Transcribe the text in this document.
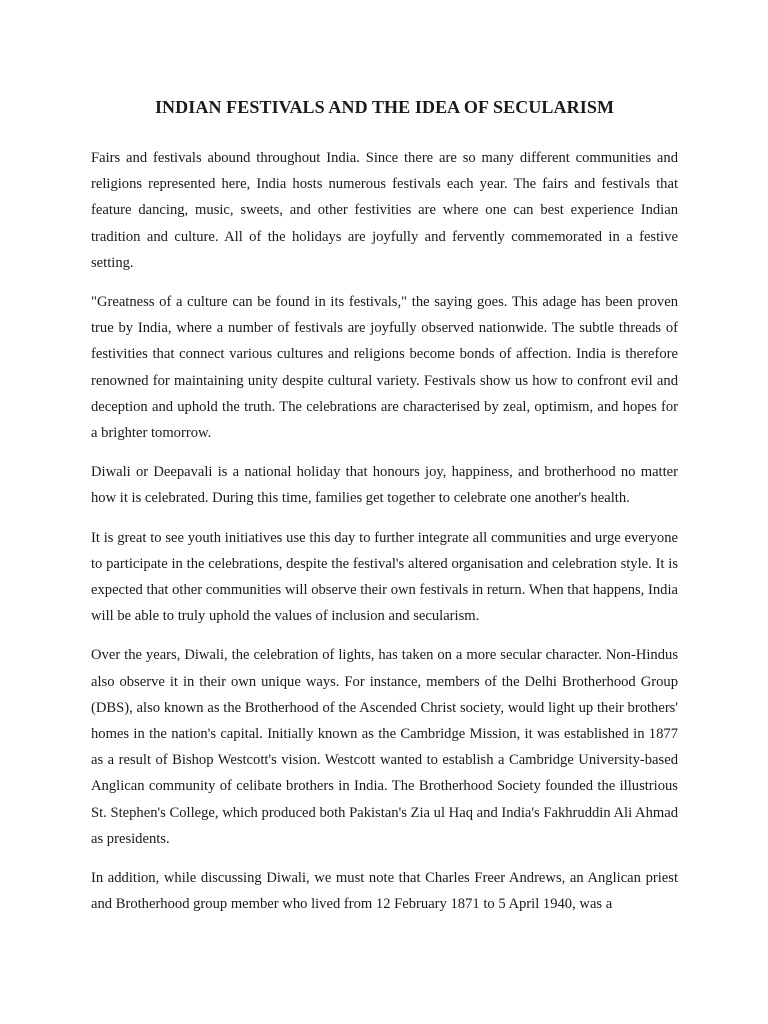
INDIAN FESTIVALS AND THE IDEA OF SECULARISM

Fairs and festivals abound throughout India. Since there are so many different communities and religions represented here, India hosts numerous festivals each year. The fairs and festivals that feature dancing, music, sweets, and other festivities are where one can best experience Indian tradition and culture. All of the holidays are joyfully and fervently commemorated in a festive setting.

"Greatness of a culture can be found in its festivals," the saying goes. This adage has been proven true by India, where a number of festivals are joyfully observed nationwide. The subtle threads of festivities that connect various cultures and religions become bonds of affection. India is therefore renowned for maintaining unity despite cultural variety. Festivals show us how to confront evil and deception and uphold the truth. The celebrations are characterised by zeal, optimism, and hopes for a brighter tomorrow.

Diwali or Deepavali is a national holiday that honours joy, happiness, and brotherhood no matter how it is celebrated. During this time, families get together to celebrate one another's health.

It is great to see youth initiatives use this day to further integrate all communities and urge everyone to participate in the celebrations, despite the festival's altered organisation and celebration style. It is expected that other communities will observe their own festivals in return. When that happens, India will be able to truly uphold the values of inclusion and secularism.

Over the years, Diwali, the celebration of lights, has taken on a more secular character. Non-Hindus also observe it in their own unique ways. For instance, members of the Delhi Brotherhood Group (DBS), also known as the Brotherhood of the Ascended Christ society, would light up their brothers' homes in the nation's capital. Initially known as the Cambridge Mission, it was established in 1877 as a result of Bishop Westcott's vision. Westcott wanted to establish a Cambridge University-based Anglican community of celibate brothers in India. The Brotherhood Society founded the illustrious St. Stephen's College, which produced both Pakistan's Zia ul Haq and India's Fakhruddin Ali Ahmad as presidents.

In addition, while discussing Diwali, we must note that Charles Freer Andrews, an Anglican priest and Brotherhood group member who lived from 12 February 1871 to 5 April 1940, was a
